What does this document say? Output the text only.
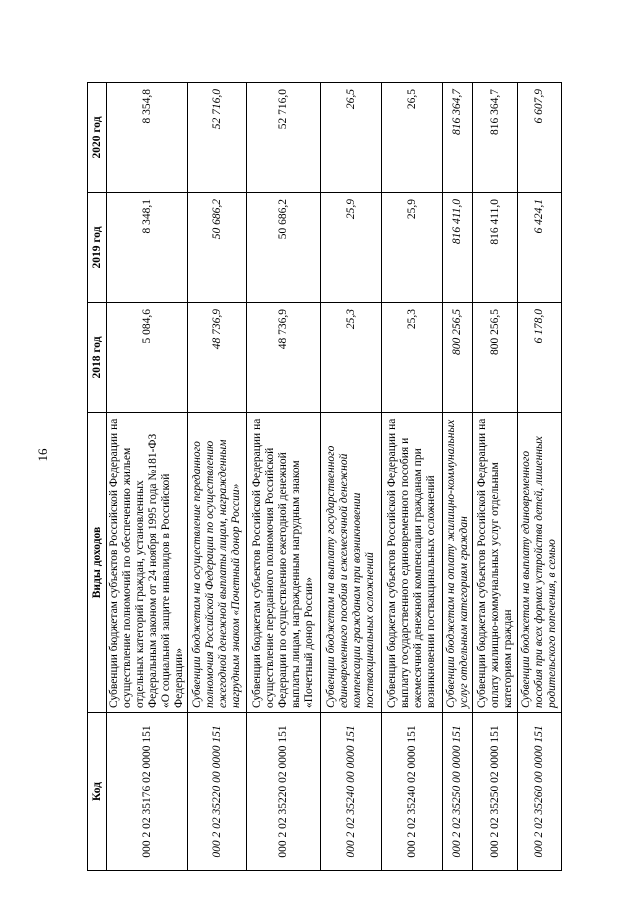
16
Код	Виды доходов	2018 год	2019 год	2020 год
000 2 02 35176 02 0000 151	Субвенции бюджетам субъектов Российской Федерации на осуществление полномочий по обеспечению жильем отдельных категорий граждан, установленных Федеральным законом от 24 ноября 1995 года №181-ФЗ «О социальной защите инвалидов в Российской Федерации»	5 084,6	8 348,1	8 354,8
000 2 02 35220 00 0000 151	Субвенции бюджетам на осуществление переданного полномочия Российской Федерации по осуществлению ежегодной денежной выплаты лицам, награжденным нагрудным знаком «Почетный донор России»	48 736,9	50 686,2	52 716,0
000 2 02 35220 02 0000 151	Субвенции бюджетам субъектов Российской Федерации на осуществление переданного полномочия Российской Федерации по осуществлению ежегодной денежной выплаты лицам, награжденным нагрудным знаком «Почетный донор России»	48 736,9	50 686,2	52 716,0
000 2 02 35240 00 0000 151	Субвенции бюджетам на выплату государственного единовременного пособия и ежемесячной денежной компенсации гражданам при возникновении поствакцинальных осложнений	25,3	25,9	26,5
000 2 02 35240 02 0000 151	Субвенции бюджетам субъектов Российской Федерации на выплату государственного единовременного пособия и ежемесячной денежной компенсации гражданам при возникновении поствакцинальных осложнений	25,3	25,9	26,5
000 2 02 35250 00 0000 151	Субвенции бюджетам на оплату жилищно-коммунальных услуг отдельным категориям граждан	800 256,5	816 411,0	816 364,7
000 2 02 35250 02 0000 151	Субвенции бюджетам субъектов Российской Федерации на оплату жилищно-коммунальных услуг отдельным категориям граждан	800 256,5	816 411,0	816 364,7
000 2 02 35260 00 0000 151	Субвенции бюджетам на выплату единовременного пособия при всех формах устройства детей, лишенных родительского попечения, в семью	6 178,0	6 424,1	6 607,9
